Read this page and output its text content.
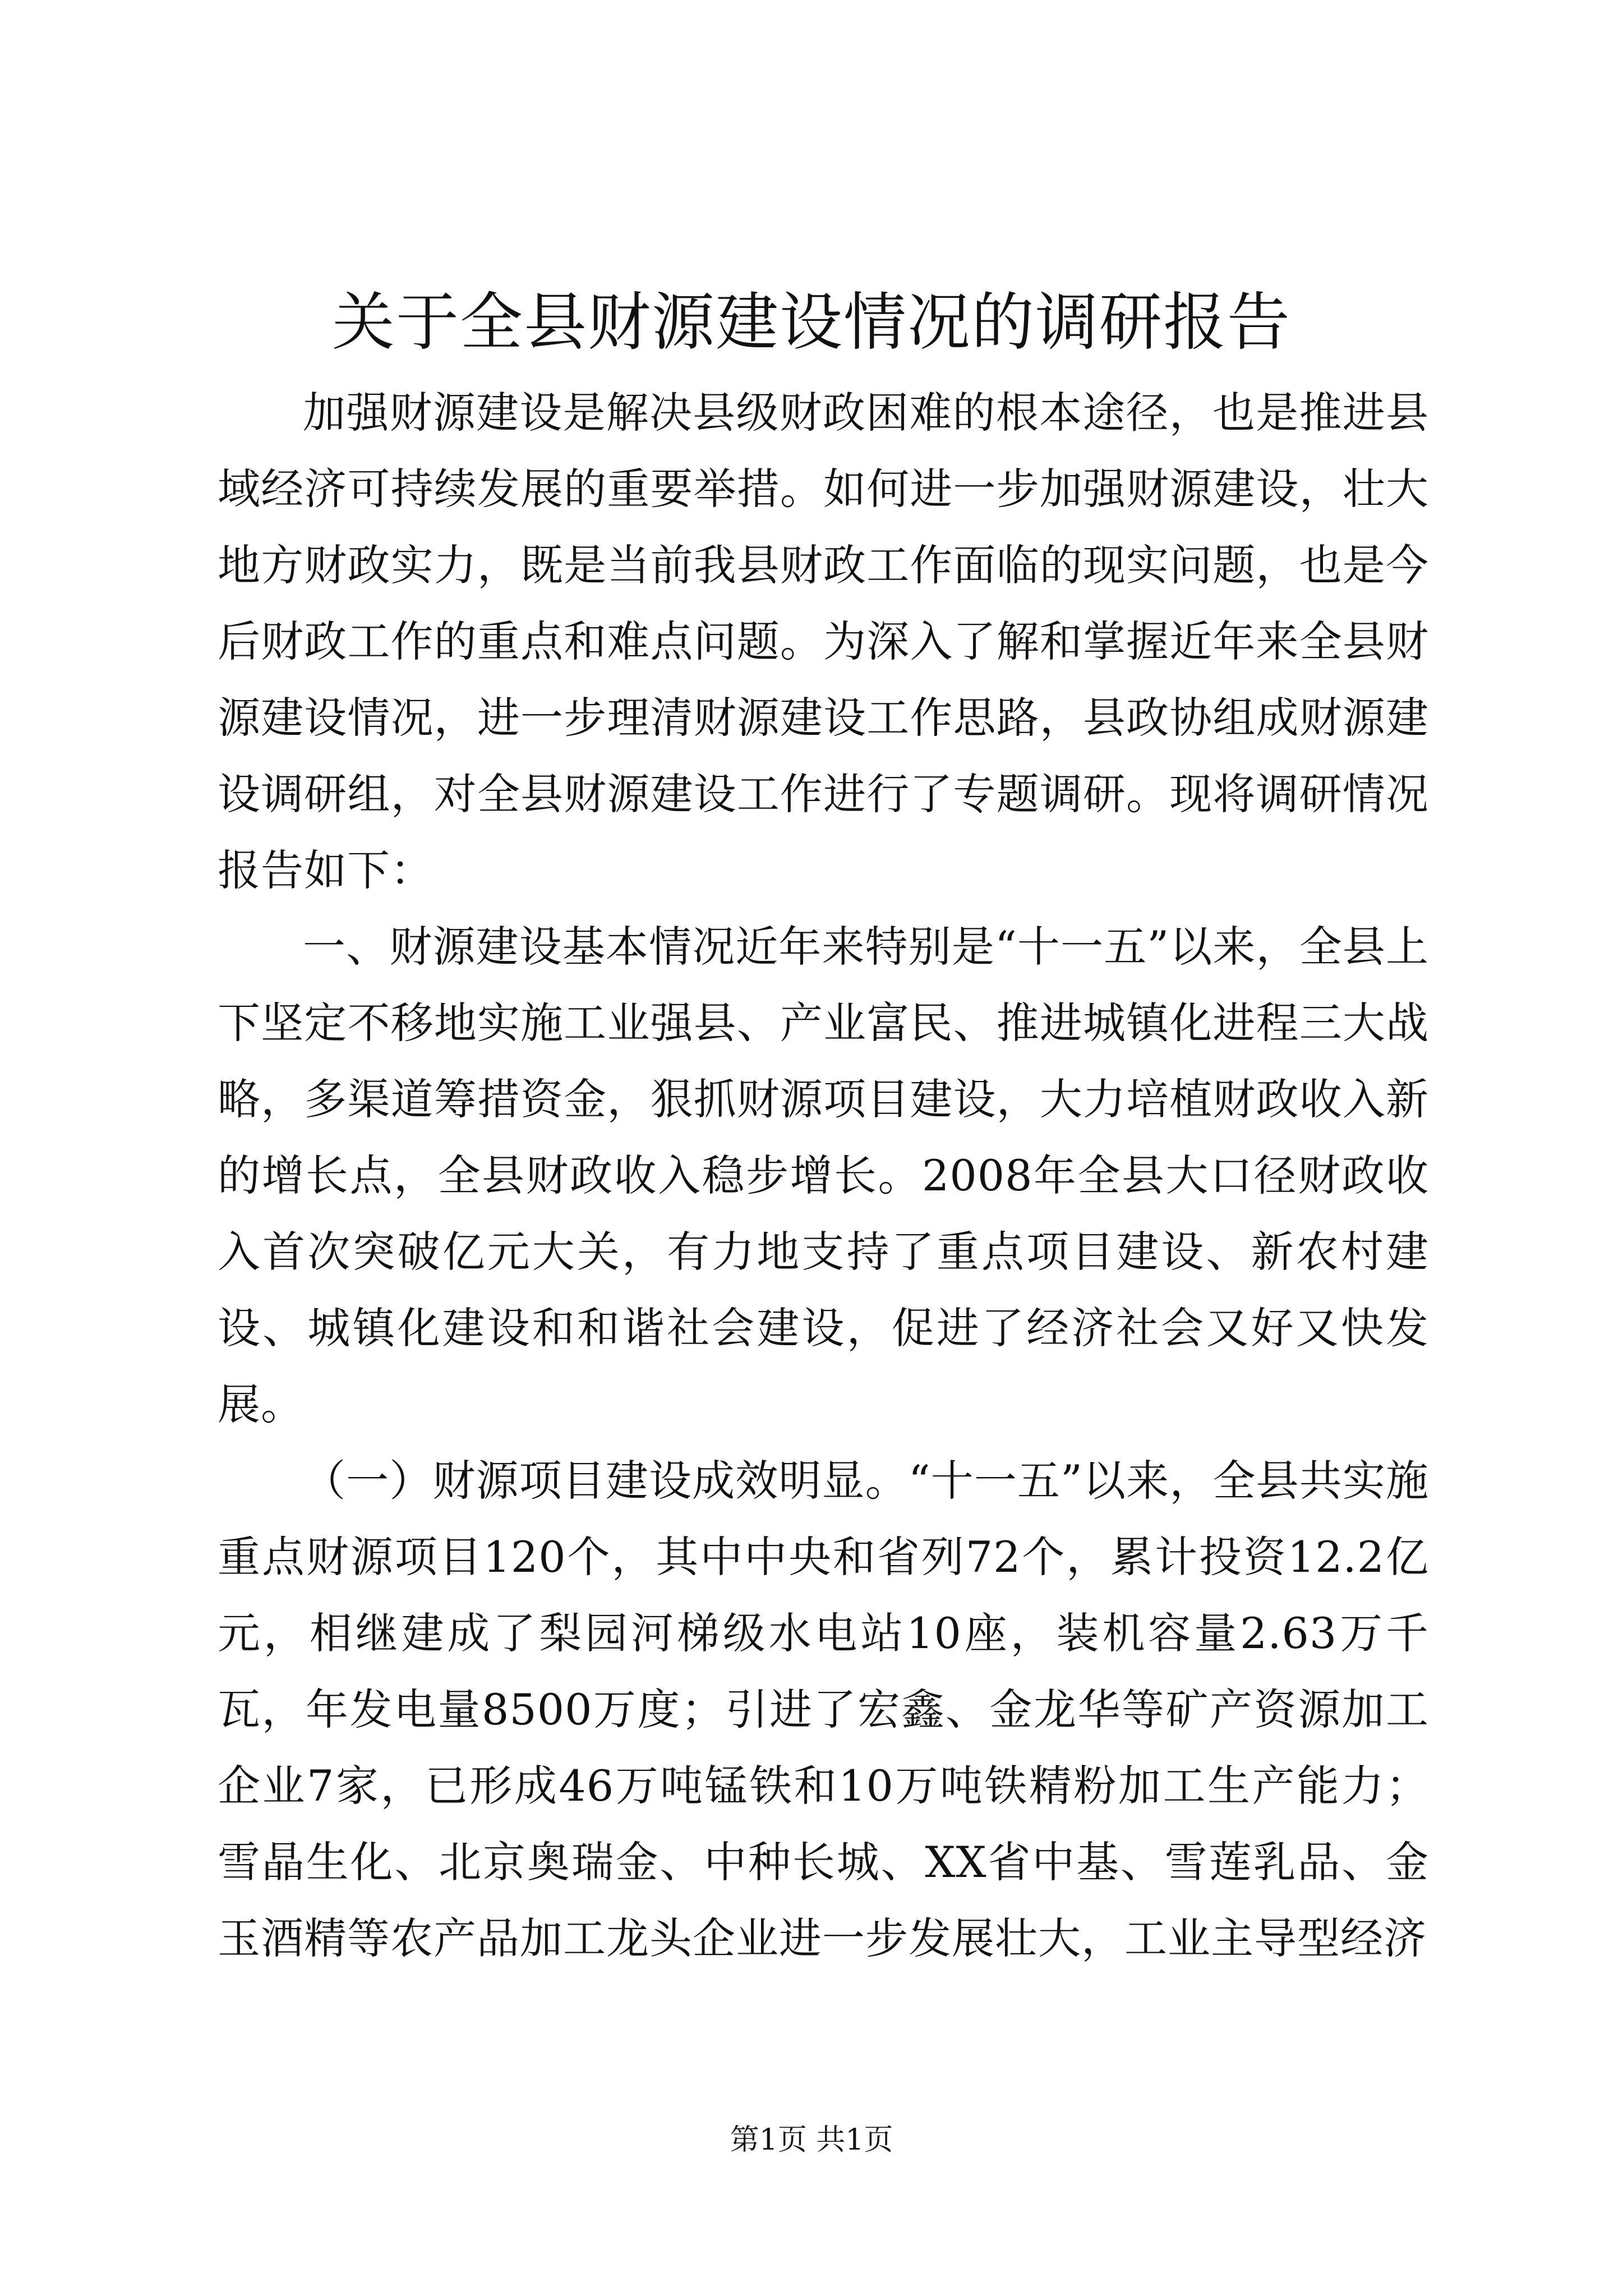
关于全县财源建设情况的调研报告

加强财源建设是解决县级财政困难的根本途径，也是推进县域经济可持续发展的重要举措。如何进一步加强财源建设，壮大地方财政实力，既是当前我县财政工作面临的现实问题，也是今后财政工作的重点和难点问题。为深入了解和掌握近年来全县财源建设情况，进一步理清财源建设工作思路，县政协组成财源建设调研组，对全县财源建设工作进行了专题调研。现将调研情况报告如下：

一、财源建设基本情况近年来特别是“十一五”以来，全县上下坚定不移地实施工业强县、产业富民、推进城镇化进程三大战略，多渠道筹措资金，狠抓财源项目建设，大力培植财政收入新的增长点，全县财政收入稳步增长。2008年全县大口径财政收入首次突破亿元大关，有力地支持了重点项目建设、新农村建设、城镇化建设和和谐社会建设，促进了经济社会又好又快发展。

（一）财源项目建设成效明显。“十一五”以来，全县共实施重点财源项目120个，其中中央和省列72个，累计投资12.2亿元，相继建成了梨园河梯级水电站10座，装机容量2.63万千瓦，年发电量8500万度；引进了宏鑫、金龙华等矿产资源加工企业7家，已形成46万吨锰铁和10万吨铁精粉加工生产能力；雪晶生化、北京奥瑞金、中种长城、XX省中基、雪莲乳品、金玉酒精等农产品加工龙头企业进一步发展壮大，工业主导型经济

第1页 共1页
